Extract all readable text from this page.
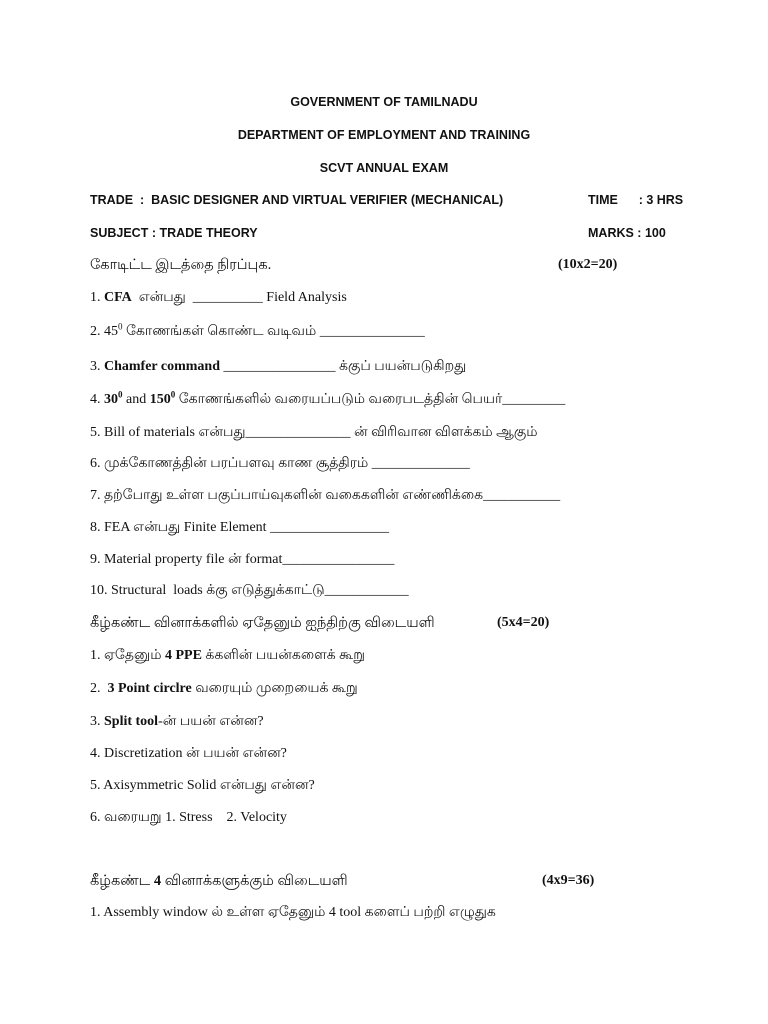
GOVERNMENT OF TAMILNADU
DEPARTMENT OF EMPLOYMENT AND TRAINING
SCVT ANNUAL EXAM
TRADE  :  BASIC DESIGNER AND VIRTUAL VERIFIER (MECHANICAL)	TIME      : 3 HRS
SUBJECT : TRADE THEORY	MARKS : 100
கோடிட்ட இடத்தை நிரப்புக.	(10x2=20)
1. CFA  என்பது  __________ Field Analysis
2. $45^0$ கோணங்கள் கொண்ட வடிவம் _______________
3. Chamfer command ________________ க்குப் பயன்படுகிறது
4. $30^0$ and $150^0$ கோணங்களில் வரையப்படும் வரைபடத்தின் பெயர்_________
5. Bill of materials என்பது_______________ ன் விரிவான விளக்கம் ஆகும்
6. முக்கோணத்தின் பரப்பளவு காண சூத்திரம் ______________
7. தற்போது உள்ள பகுப்பாய்வுகளின் வகைகளின் எண்ணிக்கை___________
8. FEA என்பது Finite Element _________________
9. Material property file ன் format________________
10. Structural  loads க்கு எடுத்துக்காட்டு____________
கீழ்கண்ட வினாக்களில் ஏதேனும் ஐந்திற்கு விடையளி	(5x4=20)
1. ஏதேனும் 4 PPE க்களின் பயன்களைக் கூறு
2.  3 Point circlre வரையும் முறையைக் கூறு
3. Split tool-ன் பயன் என்ன?
4. Discretization ன் பயன் என்ன?
5. Axisymmetric Solid என்பது என்ன?
6. வரையறு 1. Stress    2. Velocity
கீழ்கண்ட 4 வினாக்களுக்கும் விடையளி	(4x9=36)
1. Assembly window ல் உள்ள ஏதேனும் 4 tool களைப் பற்றி எழுதுக
